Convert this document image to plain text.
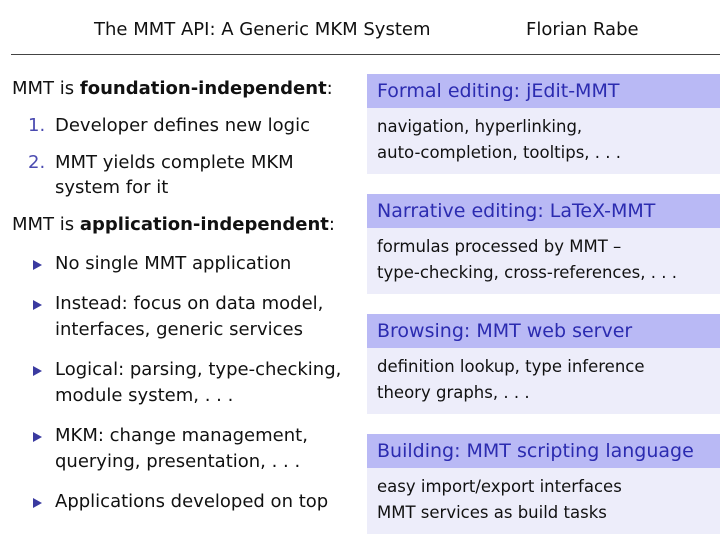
The MMT API: A Generic MKM System	Florian Rabe

MMT is foundation-independent:

1. Developer defines new logic
2. MMT yields complete MKM system for it

MMT is application-independent:

No single MMT application
Instead: focus on data model, interfaces, generic services
Logical: parsing, type-checking, module system, . . .
MKM: change management, querying, presentation, . . .
Applications developed on top
Formal editing: jEdit-MMT
navigation, hyperlinking,
auto-completion, tooltips, . . .
Narrative editing: LaTeX-MMT
formulas processed by MMT –
type-checking, cross-references, . . .
Browsing: MMT web server
definition lookup, type inference
theory graphs, . . .
Building: MMT scripting language
easy import/export interfaces
MMT services as build tasks
